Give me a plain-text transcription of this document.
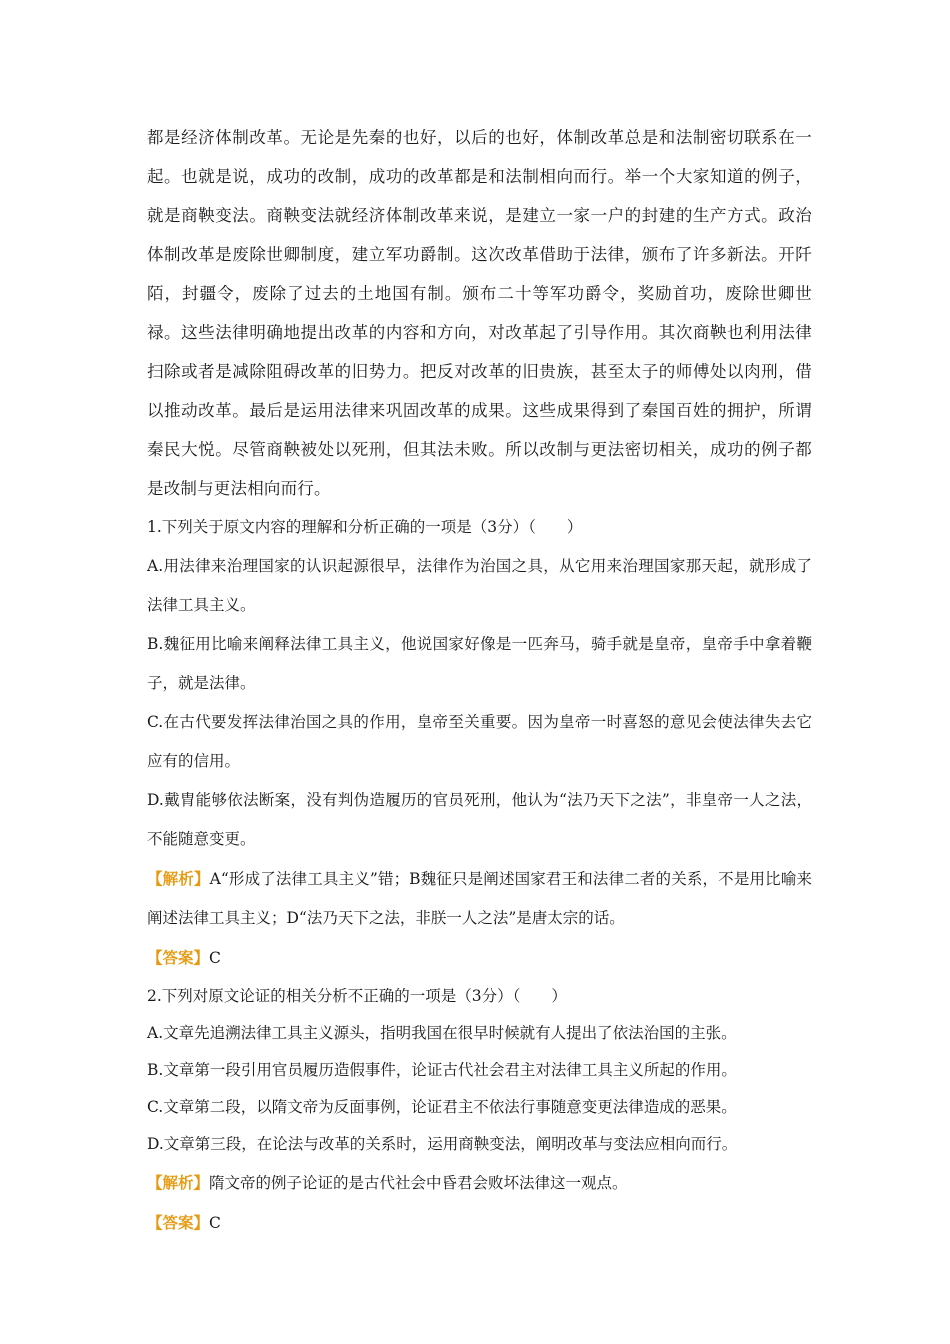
都是经济体制改革。无论是先秦的也好，以后的也好，体制改革总是和法制密切联系在一起。也就是说，成功的改制，成功的改革都是和法制相向而行。举一个大家知道的例子，就是商鞅变法。商鞅变法就经济体制改革来说，是建立一家一户的封建的生产方式。政治体制改革是废除世卿制度，建立军功爵制。这次改革借助于法律，颁布了许多新法。开阡陌，封疆令，废除了过去的土地国有制。颁布二十等军功爵令，奖励首功，废除世卿世禄。这些法律明确地提出改革的内容和方向，对改革起了引导作用。其次商鞅也利用法律扫除或者是减除阻碍改革的旧势力。把反对改革的旧贵族，甚至太子的师傅处以肉刑，借以推动改革。最后是运用法律来巩固改革的成果。这些成果得到了秦国百姓的拥护，所谓秦民大悦。尽管商鞅被处以死刑，但其法未败。所以改制与更法密切相关，成功的例子都是改制与更法相向而行。

1.下列关于原文内容的理解和分析正确的一项是（3分）（　　）

A.用法律来治理国家的认识起源很早，法律作为治国之具，从它用来治理国家那天起，就形成了法律工具主义。

B.魏征用比喻来阐释法律工具主义，他说国家好像是一匹奔马，骑手就是皇帝，皇帝手中拿着鞭子，就是法律。

C.在古代要发挥法律治国之具的作用，皇帝至关重要。因为皇帝一时喜怒的意见会使法律失去它应有的信用。

D.戴胄能够依法断案，没有判伪造履历的官员死刑，他认为“法乃天下之法”，非皇帝一人之法，不能随意变更。

【解析】A“形成了法律工具主义”错；B魏征只是阐述国家君王和法律二者的关系，不是用比喻来阐述法律工具主义；D“法乃天下之法，非朕一人之法”是唐太宗的话。

【答案】C

2.下列对原文论证的相关分析不正确的一项是（3分）（　　）

A.文章先追溯法律工具主义源头，指明我国在很早时候就有人提出了依法治国的主张。

B.文章第一段引用官员履历造假事件，论证古代社会君主对法律工具主义所起的作用。

C.文章第二段，以隋文帝为反面事例，论证君主不依法行事随意变更法律造成的恶果。

D.文章第三段，在论法与改革的关系时，运用商鞅变法，阐明改革与变法应相向而行。

【解析】隋文帝的例子论证的是古代社会中昏君会败坏法律这一观点。

【答案】C
